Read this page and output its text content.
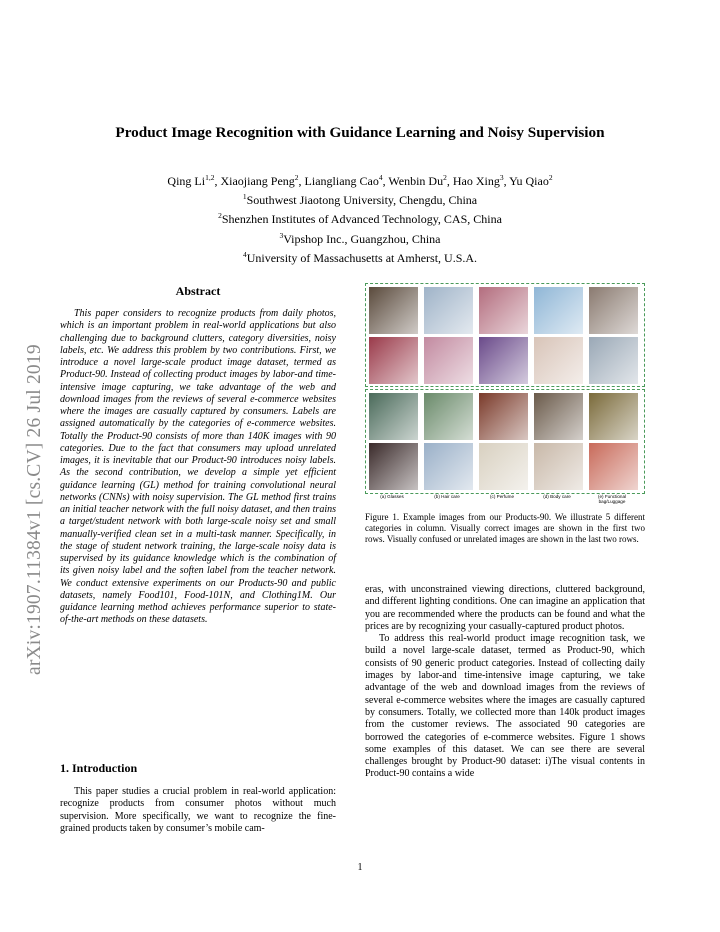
arXiv:1907.11384v1 [cs.CV] 26 Jul 2019
Product Image Recognition with Guidance Learning and Noisy Supervision
Qing Li$^{1,2}$, Xiaojiang Peng$^2$, Liangliang Cao$^4$, Wenbin Du$^2$, Hao Xing$^3$, Yu Qiao$^2$
$^1$Southwest Jiaotong University, Chengdu, China
$^2$Shenzhen Institutes of Advanced Technology, CAS, China
$^3$Vipshop Inc., Guangzhou, China
$^4$University of Massachusetts at Amherst, U.S.A.
Abstract

This paper considers to recognize products from daily photos, which is an important problem in real-world applications but also challenging due to background clutters, category diversities, noisy labels, etc. We address this problem by two contributions. First, we introduce a novel large-scale product image dataset, termed as Product-90. Instead of collecting product images by labor-and time-intensive image capturing, we take advantage of the web and download images from the reviews of several e-commerce websites where the images are casually captured by consumers. Labels are assigned automatically by the categories of e-commerce websites. Totally the Product-90 consists of more than 140K images with 90 categories. Due to the fact that consumers may upload unrelated images, it is inevitable that our Product-90 introduces noisy labels. As the second contribution, we develop a simple yet efficient guidance learning (GL) method for training convolutional neural networks (CNNs) with noisy supervision. The GL method first trains an initial teacher network with the full noisy dataset, and then trains a target/student network with both large-scale noisy set and small manually-verified clean set in a multi-task manner. Specifically, in the stage of student network training, the large-scale noisy data is supervised by its guidance knowledge which is the combination of its given noisy label and the soften label from the teacher network. We conduct extensive experiments on our Products-90 and public datasets, namely Food101, Food-101N, and Clothing1M. Our guidance learning method achieves performance superior to state-of-the-art methods on these datasets.

1. Introduction

This paper studies a crucial problem in real-world application: recognize products from consumer photos without much supervision. More specifically, we want to recognize the fine-grained products taken by consumer’s mobile cam-

(a) Glasses	(b) Hair care	(c) Perfume	(d) Body care	(e) Functional bag/Luggage
Figure 1. Example images from our Products-90. We illustrate 5 different categories in column. Visually correct images are shown in the first two rows. Visually confused or unrelated images are shown in the last two rows.

eras, with unconstrained viewing directions, cluttered background, and different lighting conditions. One can imagine an application that you are recommended where the products can be found and what the prices are by recognizing your casually-captured product photos.

To address this real-world product image recognition task, we build a novel large-scale dataset, termed as Product-90, which consists of 90 generic product categories. Instead of collecting daily images by labor-and time-intensive image capturing, we take advantage of the web and download images from the reviews of several e-commerce websites where the images are casually captured by consumers. Totally, we collected more than 140k product images from the customer reviews. The associated 90 categories are borrowed the categories of e-commerce websites. Figure 1 shows some examples of this dataset. We can see there are several challenges brought by Product-90 dataset: i)The visual contents in Product-90 contains a wide

1
